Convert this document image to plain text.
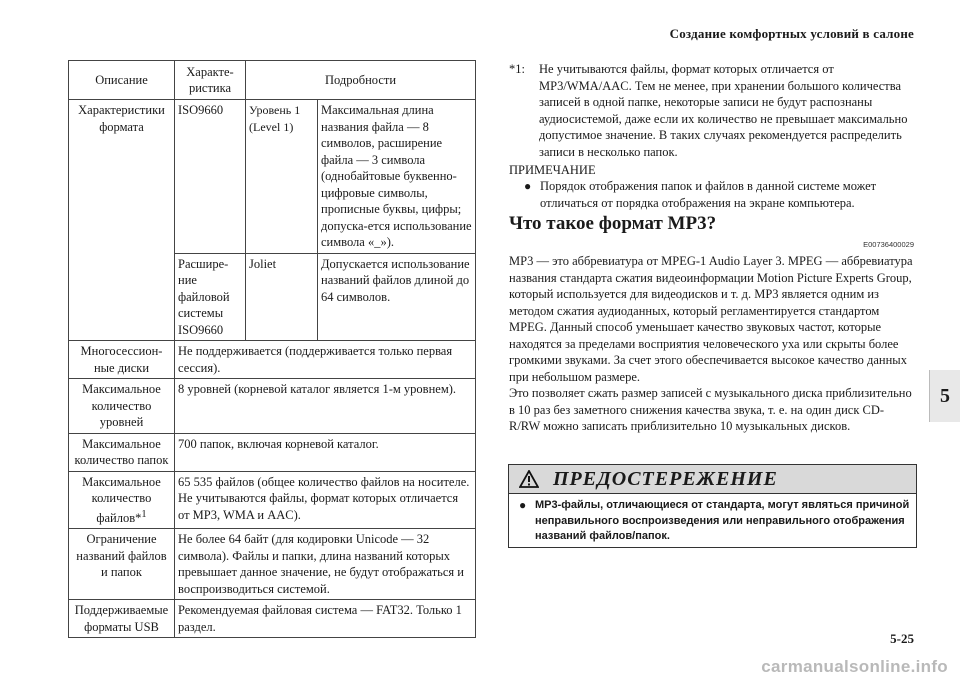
Создание комфортных условий в салоне
Описание	Характе-ристика	Подробности	
Характеристики формата	ISO9660	Уровень 1 (Level 1)	Максимальная длина названия файла — 8 символов, расширение файла — 3 символа (однобайтовые буквенно-цифровые символы, прописные буквы, цифры; допуска-ется использование символа «_»).
	Расшире-ние файловой системы ISO9660	Joliet	Допускается использование названий файлов длиной до 64 символов.
Многосессион-ные диски	Не поддерживается (поддерживается только первая сессия).		
Максимальное количество уровней	8 уровней (корневой каталог является 1-м уровнем).		
Максимальное количество папок	700 папок, включая корневой каталог.		
Максимальное количество файлов*$^1$	65 535 файлов (общее количество файлов на носителе. Не учитываются файлы, формат которых отличается от MP3, WMA и AAC).		
Ограничение названий файлов и папок	Не более 64 байт (для кодировки Unicode — 32 символа). Файлы и папки, длина названий которых превышает данное значение, не будут отображаться и воспроизводиться системой.		
Поддерживаемые форматы USB	Рекомендуемая файловая система — FAT32. Только 1 раздел.		
*1:	Не учитываются файлы, формат которых отличается от MP3/WMA/AAC. Тем не менее, при хранении большого количества записей в одной папке, некоторые записи не будут распознаны аудиосистемой, даже если их количество не превышает максимально допустимое значение. В таких случаях рекомендуется распределить записи в несколько папок.
ПРИМЕЧАНИЕ
● Порядок отображения папок и файлов в данной системе может отличаться от порядка отображения на экране компьютера.
Что такое формат MP3?
E00736400029

MP3 — это аббревиатура от MPEG-1 Audio Layer 3. MPEG — аббревиатура названия стандарта сжатия видеоинформации Motion Picture Experts Group, который используется для видеодисков и т. д. MP3 является одним из методом сжатия аудиоданных, который регламентируется стандартом MPEG. Данный способ уменьшает качество звуковых частот, которые находятся за пределами восприятия человеческого уха или скрыты более громкими звуками. За счет этого обеспечивается высокое качество данных при небольшом размере.

Это позволяет сжать размер записей с музыкального диска приблизительно в 10 раз без заметного снижения качества звука, т. е. на один диск CD-R/RW можно записать приблизительно 10 музыкальных дисков.

ПРЕДОСТЕРЕЖЕНИЕ
● MP3-файлы, отличающиеся от стандарта, могут являться причиной неправильного воспроизведения или неправильного отображения названий файлов/папок.
5
5-25
carmanualsonline.info
